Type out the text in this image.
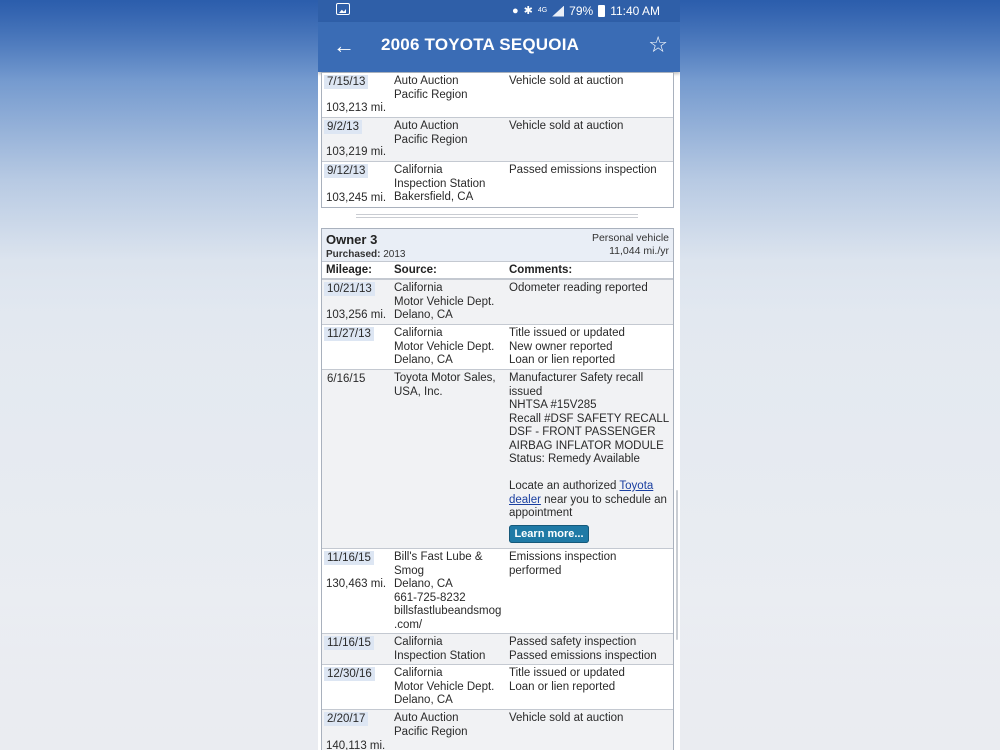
● ✱ 4G 79% 11:40 AM
← 2006 TOYOTA SEQUOIA	☆
7/15/13
103,213 mi.
Auto Auction
Pacific Region
Vehicle sold at auction
9/2/13
103,219 mi.
Auto Auction
Pacific Region
Vehicle sold at auction
9/12/13
103,245 mi.
California
Inspection Station
Bakersfield, CA
Passed emissions inspection
Owner 3
Purchased: 2013
Personal vehicle
11,044 mi./yr
Mileage: Source:	Comments:
10/21/13
103,256 mi.
California
Motor Vehicle Dept.
Delano, CA
Odometer reading reported
11/27/13 California
Motor Vehicle Dept.
Delano, CA
Title issued or updated
New owner reported
Loan or lien reported
6/16/15 Toyota Motor Sales,
USA, Inc.
Manufacturer Safety recall
issued
NHTSA #15V285
Recall #DSF SAFETY RECALL
DSF - FRONT PASSENGER
AIRBAG INFLATOR MODULE
Status: Remedy Available
Locate an authorized Toyota
dealer near you to schedule an
appointment
Learn more...
11/16/15
130,463 mi.
Bill's Fast Lube &
Smog
Delano, CA
661-725-8232
billsfastlubeandsmog
.com/
Emissions inspection
performed
11/16/15 California
Inspection Station
Passed safety inspection
Passed emissions inspection
12/30/16 California
Motor Vehicle Dept.
Delano, CA
Title issued or updated
Loan or lien reported
2/20/17
140,113 mi.
Auto Auction
Pacific Region
Vehicle sold at auction
